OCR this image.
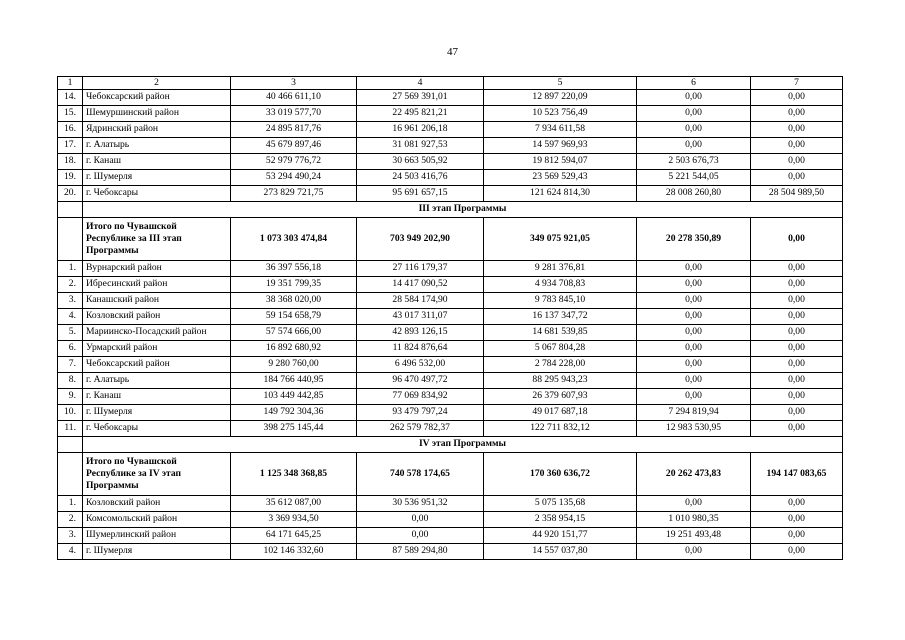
47
1	2	3	4	5	6	7
14.	Чебоксарский район	40 466 611,10	27 569 391,01	12 897 220,09	0,00	0,00
15.	Шемуршинский район	33 019 577,70	22 495 821,21	10 523 756,49	0,00	0,00
16.	Ядринский район	24 895 817,76	16 961 206,18	7 934 611,58	0,00	0,00
17.	г. Алатырь	45 679 897,46	31 081 927,53	14 597 969,93	0,00	0,00
18.	г. Канаш	52 979 776,72	30 663 505,92	19 812 594,07	2 503 676,73	0,00
19.	г. Шумерля	53 294 490,24	24 503 416,76	23 569 529,43	5 221 544,05	0,00
20.	г. Чебоксары	273 829 721,75	95 691 657,15	121 624 814,30	28 008 260,80	28 504 989,50
	III этап Программы					
	Итого по Чувашской Республике за III этап Программы	1 073 303 474,84	703 949 202,90	349 075 921,05	20 278 350,89	0,00
1.	Вурнарский район	36 397 556,18	27 116 179,37	9 281 376,81	0,00	0,00
2.	Ибресинский район	19 351 799,35	14 417 090,52	4 934 708,83	0,00	0,00
3.	Канашский район	38 368 020,00	28 584 174,90	9 783 845,10	0,00	0,00
4.	Козловский район	59 154 658,79	43 017 311,07	16 137 347,72	0,00	0,00
5.	Мариинско-Посадский район	57 574 666,00	42 893 126,15	14 681 539,85	0,00	0,00
6.	Урмарский район	16 892 680,92	11 824 876,64	5 067 804,28	0,00	0,00
7.	Чебоксарский район	9 280 760,00	6 496 532,00	2 784 228,00	0,00	0,00
8.	г. Алатырь	184 766 440,95	96 470 497,72	88 295 943,23	0,00	0,00
9.	г. Канаш	103 449 442,85	77 069 834,92	26 379 607,93	0,00	0,00
10.	г. Шумерля	149 792 304,36	93 479 797,24	49 017 687,18	7 294 819,94	0,00
11.	г. Чебоксары	398 275 145,44	262 579 782,37	122 711 832,12	12 983 530,95	0,00
	IV этап Программы					
	Итого по Чувашской Республике за IV этап Программы	1 125 348 368,85	740 578 174,65	170 360 636,72	20 262 473,83	194 147 083,65
1.	Козловский район	35 612 087,00	30 536 951,32	5 075 135,68	0,00	0,00
2.	Комсомольский район	3 369 934,50	0,00	2 358 954,15	1 010 980,35	0,00
3.	Шумерлинский район	64 171 645,25	0,00	44 920 151,77	19 251 493,48	0,00
4.	г. Шумерля	102 146 332,60	87 589 294,80	14 557 037,80	0,00	0,00
